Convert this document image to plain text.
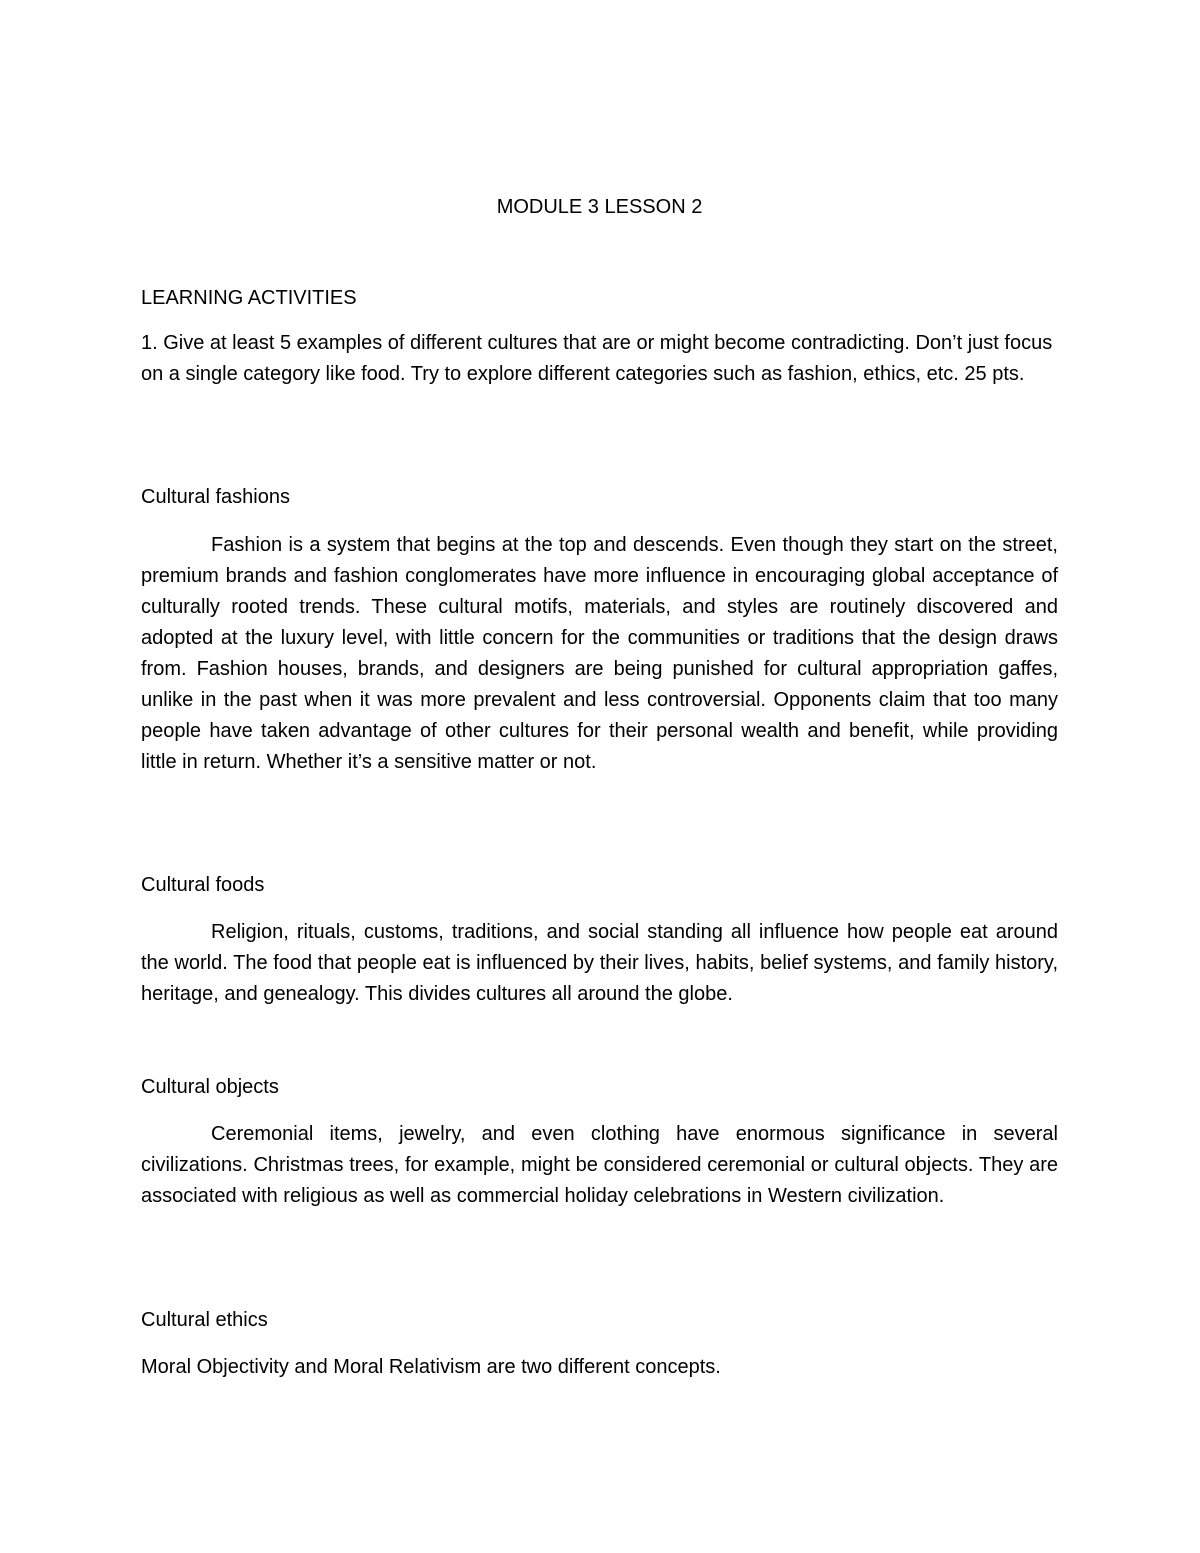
MODULE 3 LESSON 2

LEARNING ACTIVITIES

1. Give at least 5 examples of different cultures that are or might become contradicting. Don’t just focus on a single category like food. Try to explore different categories such as fashion, ethics, etc. 25 pts.

Cultural fashions

Fashion is a system that begins at the top and descends. Even though they start on the street, premium brands and fashion conglomerates have more influence in encouraging global acceptance of culturally rooted trends. These cultural motifs, materials, and styles are routinely discovered and adopted at the luxury level, with little concern for the communities or traditions that the design draws from. Fashion houses, brands, and designers are being punished for cultural appropriation gaffes, unlike in the past when it was more prevalent and less controversial. Opponents claim that too many people have taken advantage of other cultures for their personal wealth and benefit, while providing little in return. Whether it’s a sensitive matter or not.

Cultural foods

Religion, rituals, customs, traditions, and social standing all influence how people eat around the world. The food that people eat is influenced by their lives, habits, belief systems, and family history, heritage, and genealogy. This divides cultures all around the globe.

Cultural objects

Ceremonial items, jewelry, and even clothing have enormous significance in several civilizations. Christmas trees, for example, might be considered ceremonial or cultural objects. They are associated with religious as well as commercial holiday celebrations in Western civilization.

Cultural ethics

Moral Objectivity and Moral Relativism are two different concepts.
